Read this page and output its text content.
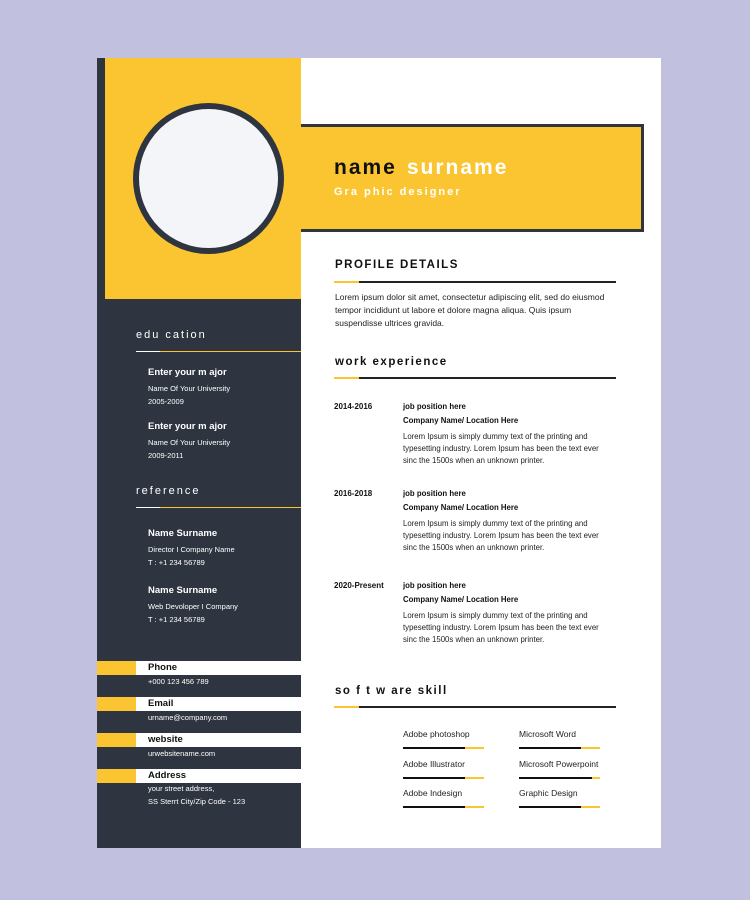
name surname
Gra phic designer
PROFILE DETAILS
Lorem ipsum dolor sit amet, consectetur adipiscing elit, sed do eiusmod tempor incididunt ut labore et dolore magna aliqua. Quis ipsum suspendisse ultrices gravida.
edu cation
Enter your m ajor
Name Of Your University
2005-2009
Enter your m ajor
Name Of Your University
2009-2011
reference
Name Surname
Director I Company Name
T : +1 234 56789
Name Surname
Web Devoloper I Company
T : +1 234 56789
Phone
+000 123 456 789
Email
urname@company.com
website
urwebsitename.com
Address
your street address,
SS Sterrt City/Zip Code - 123
work experience
2014-2016	job position here
Company Name/ Location Here

Lorem Ipsum is simply dummy text of the printing and typesetting industry. Lorem Ipsum has been the text ever sinc the 1500s when an unknown printer.

2016-2018	job position here
Company Name/ Location Here

Lorem Ipsum is simply dummy text of the printing and typesetting industry. Lorem Ipsum has been the text ever sinc the 1500s when an unknown printer.

2020-Present job position here
Company Name/ Location Here

Lorem Ipsum is simply dummy text of the printing and typesetting industry. Lorem Ipsum has been the text ever sinc the 1500s when an unknown printer.

so f t w are skill
Adobe photoshop	Microsoft Word
Adobe Illustrator	Microsoft Powerpoint
Adobe Indesign	Graphic Design
